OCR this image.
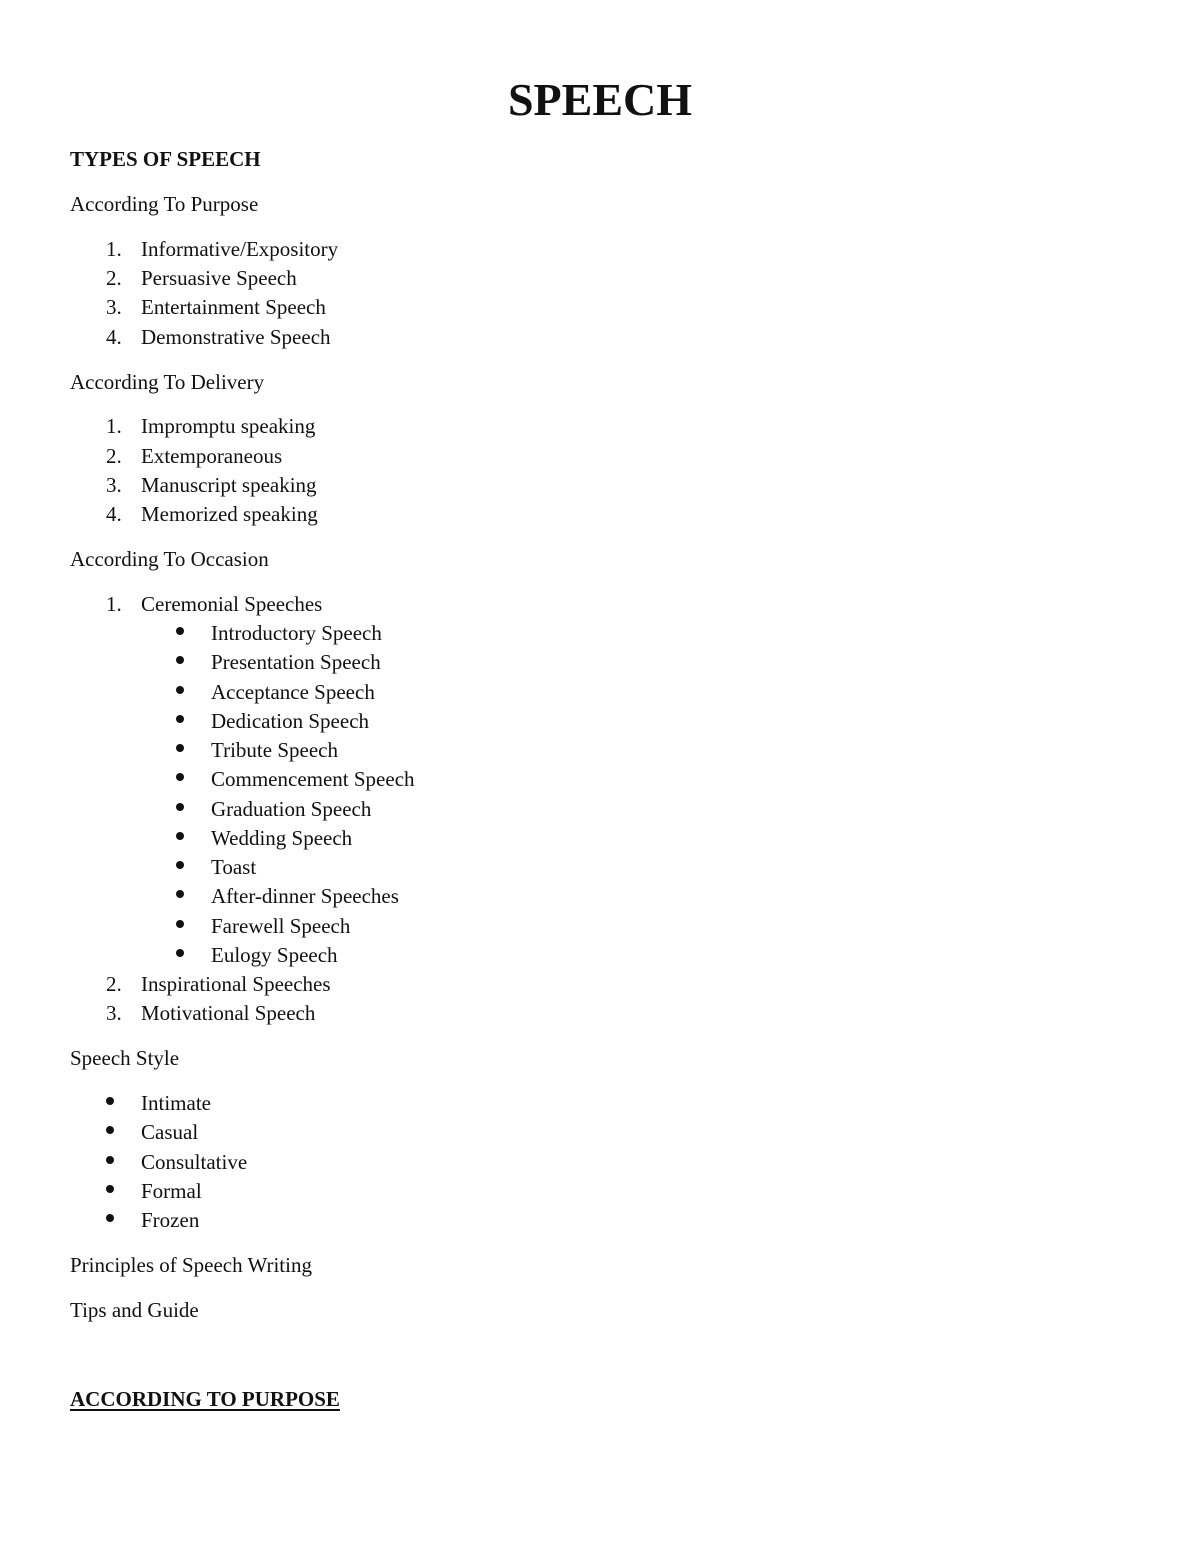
SPEECH
TYPES OF SPEECH
According To Purpose
1. Informative/Expository
2. Persuasive Speech
3. Entertainment Speech
4. Demonstrative Speech
According To Delivery
1. Impromptu speaking
2. Extemporaneous
3. Manuscript speaking
4. Memorized speaking
According To Occasion
1. Ceremonial Speeches
Introductory Speech
Presentation Speech
Acceptance Speech
Dedication Speech
Tribute Speech
Commencement Speech
Graduation Speech
Wedding Speech
Toast
After-dinner Speeches
Farewell Speech
Eulogy Speech
2. Inspirational Speeches
3. Motivational Speech
Speech Style
Intimate
Casual
Consultative
Formal
Frozen
Principles of Speech Writing
Tips and Guide
ACCORDING TO PURPOSE
